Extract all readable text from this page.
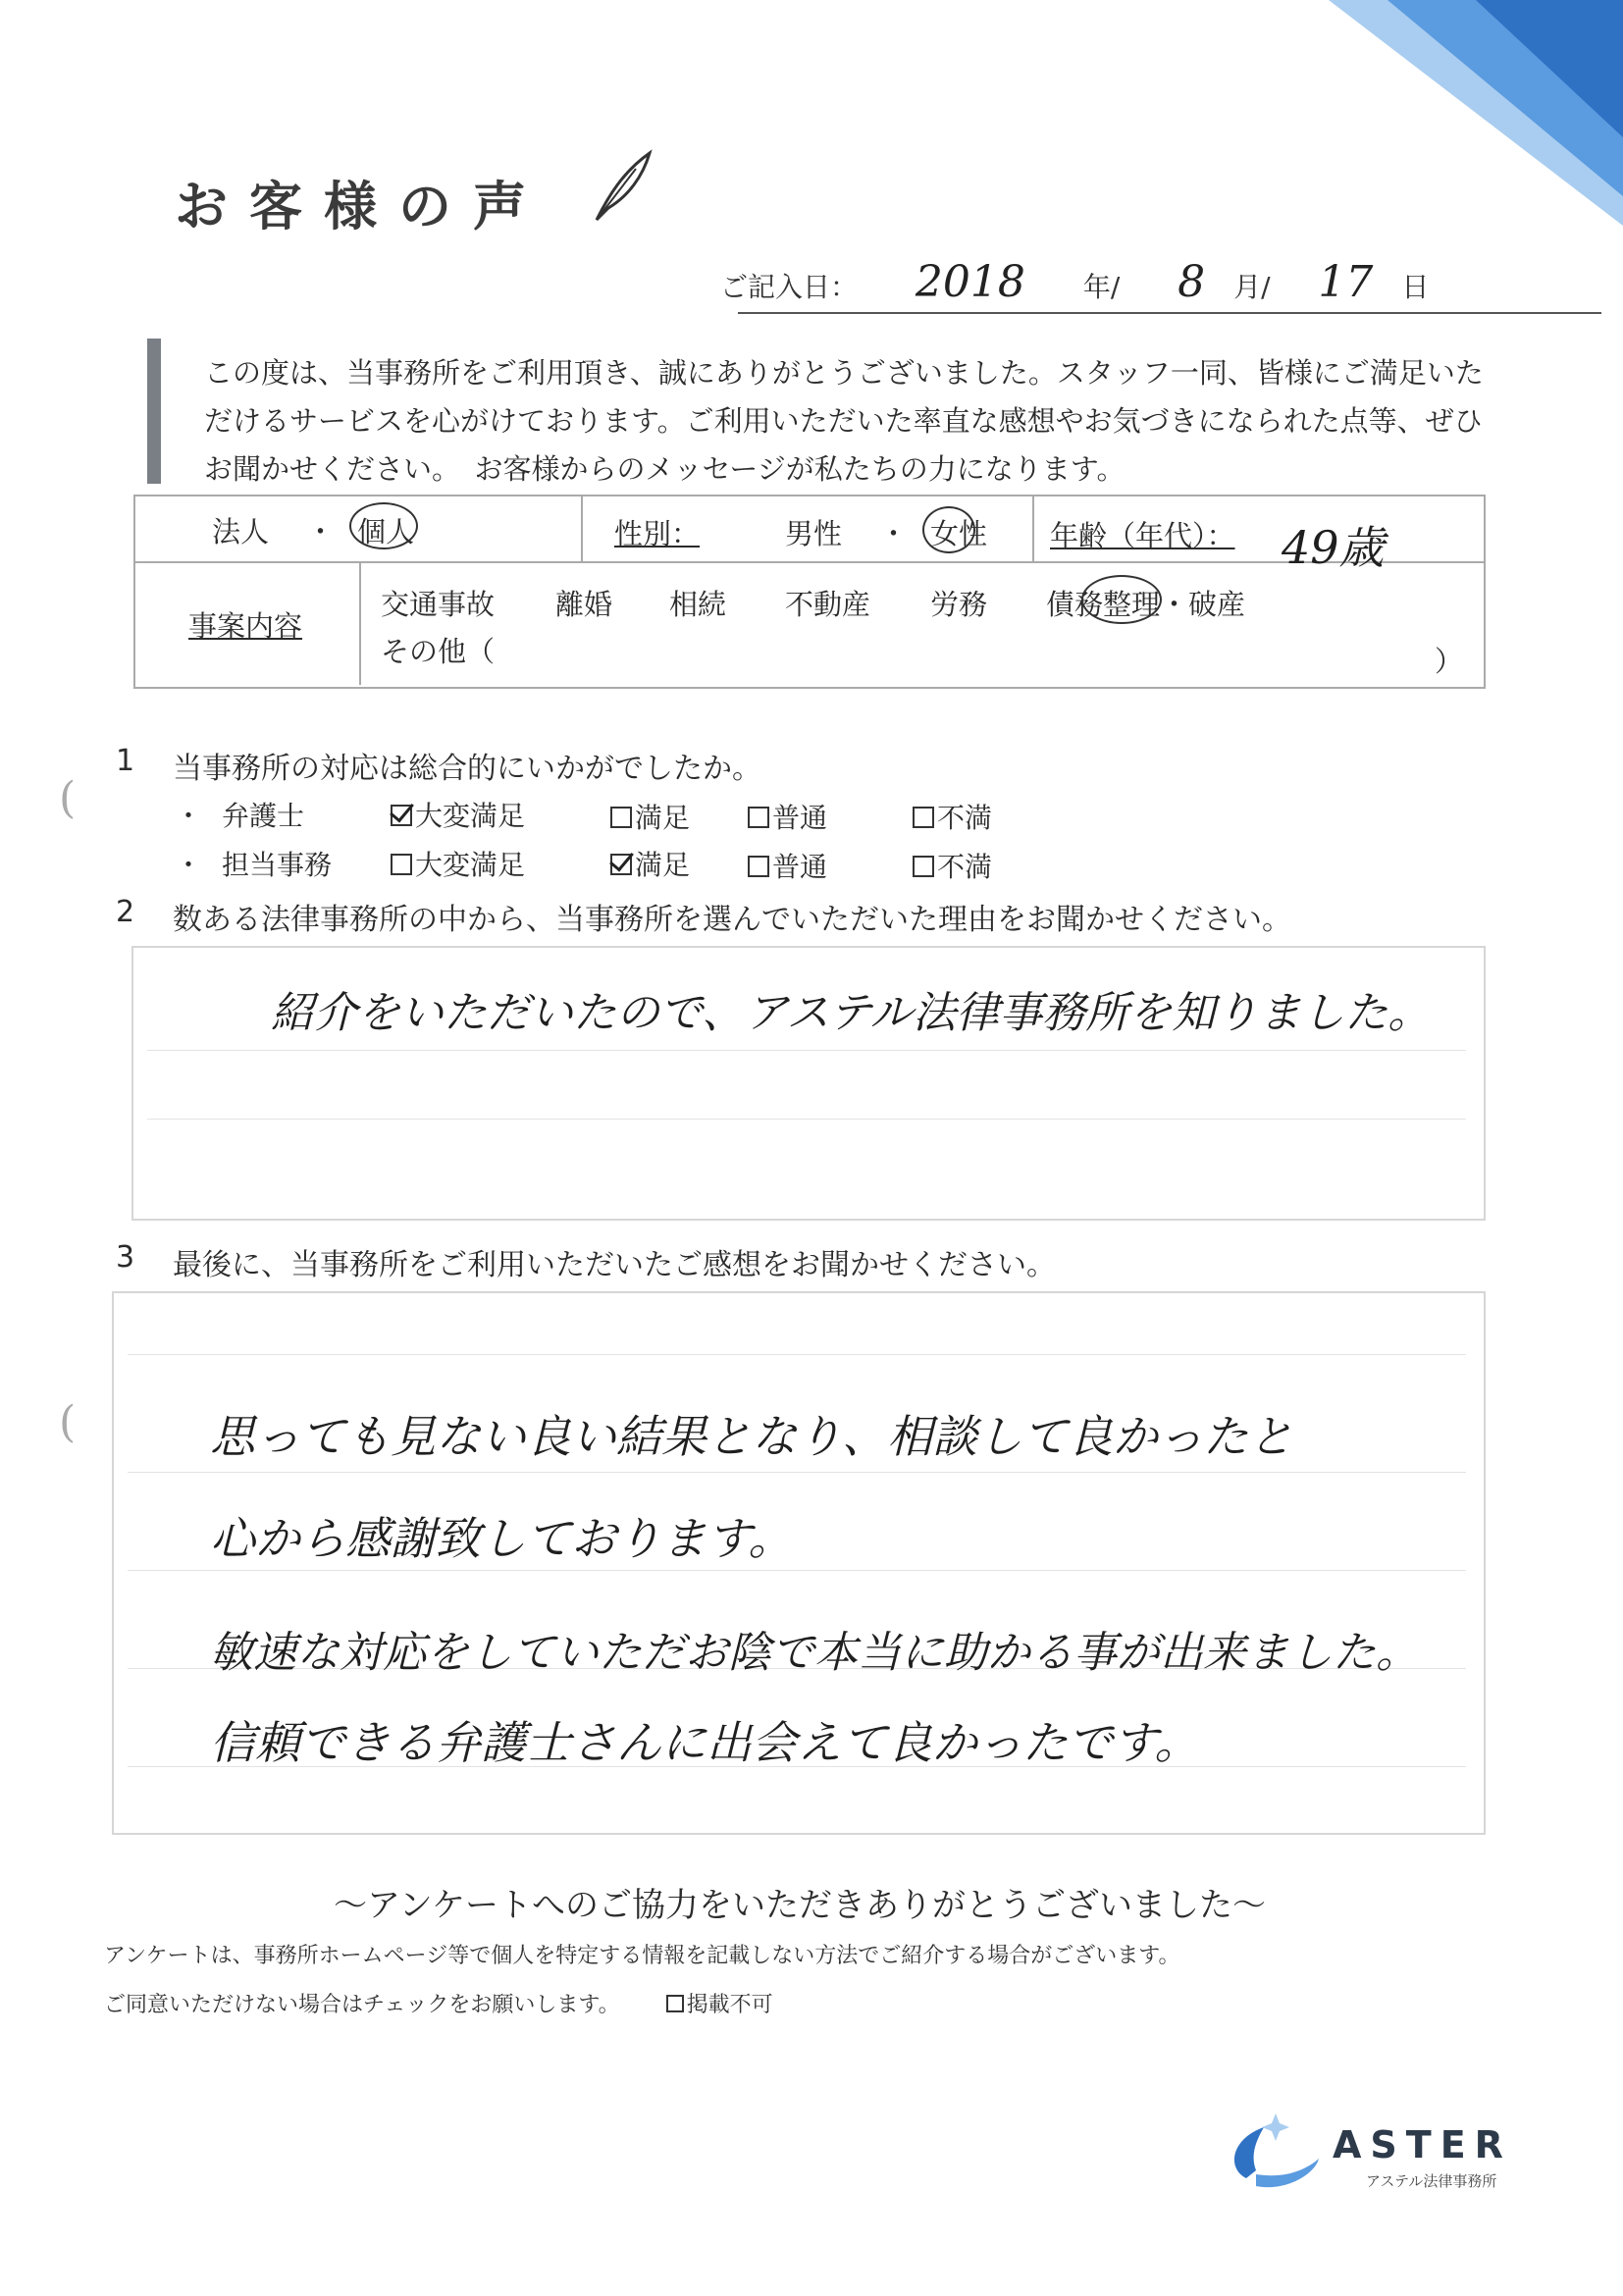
お客様の声
ご記入日： 2018 年/ 8 月/ 17 日

この度は、当事務所をご利用頂き、誠にありがとうございました。スタッフ一同、皆様にご満足いた

だけるサービスを心がけております。ご利用いただいた率直な感想やお気づきになられた点等、ぜひ

お聞かせください。　お客様からのメッセージが私たちの力になります。

法人 ・ 個人	性別：	男性 ・ 女性 年齢（年代）： 49歳
事案内容
交通事故 離婚 相続 不動産 労務 債務整理・破産
その他（	）
1 当事務所の対応は総合的にいかがでしたか。
(	・ 弁護士	大変満足	満足	普通	不満
・ 担当事務	大変満足	満足	普通	不満
2 数ある法律事務所の中から、当事務所を選んでいただいた理由をお聞かせください。
紹介をいただいたので、アステル法律事務所を知りました。
3 最後に、当事務所をご利用いただいたご感想をお聞かせください。
(	思っても見ない良い結果となり、相談して良かったと
心から感謝致しております。
敏速な対応をしていただお陰で本当に助かる事が出来ました。
信頼できる弁護士さんに出会えて良かったです。
〜アンケートへのご協力をいただきありがとうございました〜
アンケートは、事務所ホームページ等で個人を特定する情報を記載しない方法でご紹介する場合がございます。
ご同意いただけない場合はチェックをお願いします。	掲載不可
ASTER
アステル法律事務所
